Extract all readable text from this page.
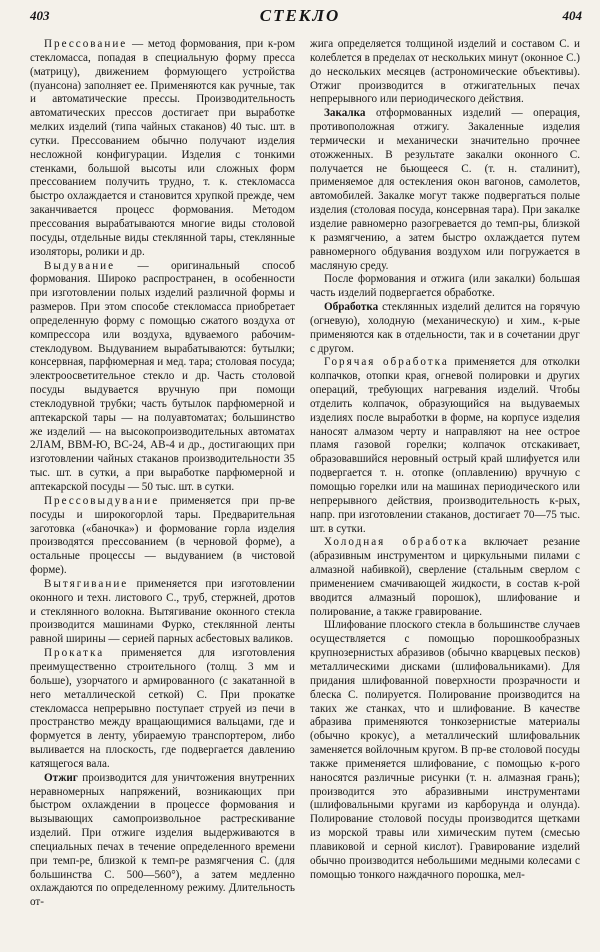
403	СТЕКЛО	404

Прессование — метод формования, при к-ром стекломасса, попадая в специальную форму пресса (матрицу), движением формующего устройства (пуансона) заполняет ее. Применяются как ручные, так и автоматические прессы. Производительность автоматических прессов достигает при выработке мелких изделий (типа чайных стаканов) 40 тыс. шт. в сутки. Прессованием обычно получают изделия несложной конфигурации. Изделия с тонкими стенками, большой высоты или сложных форм прессованием получить трудно, т. к. стекломасса быстро охлаждается и становится хрупкой прежде, чем заканчивается процесс формования. Методом прессования вырабатываются многие виды столовой посуды, отдельные виды стеклянной тары, стеклянные изоляторы, ролики и др.

Выдувание — оригинальный способ формования. Широко распространен, в особенности при изготовлении полых изделий различной формы и размеров. При этом способе стекломасса приобретает определенную форму с помощью сжатого воздуха от компрессора или воздуха, вдуваемого рабочим-стеклодувом. Выдуванием вырабатываются: бутылки; консервная, парфюмерная и мед. тара; столовая посуда; электроосветительное стекло и др. Часть столовой посуды выдувается вручную при помощи стеклодувной трубки; часть бутылок парфюмерной и аптекарской тары — на полуавтоматах; большинство же изделий — на высокопроизводительных автоматах 2ЛАМ, ВВМ-Ю, ВС-24, АВ-4 и др., достигающих при изготовлении чайных стаканов производительности 35 тыс. шт. в сутки, а при выработке парфюмерной и аптекарской посуды — 50 тыс. шт. в сутки.

Прессовыдувание применяется при пр-ве посуды и широкогорлой тары. Предварительная заготовка («баночка») и формование горла изделия производятся прессованием (в черновой форме), а остальные процессы — выдуванием (в чистовой форме).

Вытягивание применяется при изготовлении оконного и техн. листового С., труб, стержней, дротов и стеклянного волокна. Вытягивание оконного стекла производится машинами Фурко, стеклянной ленты равной ширины — серией парных асбестовых валиков.

Прокатка применяется для изготовления преимущественно строительного (толщ. 3 мм и больше), узорчатого и армированного (с закатанной в него металлической сеткой) С. При прокатке стекломасса непрерывно поступает струей из печи в пространство между вращающимися вальцами, где и формуется в ленту, убираемую транспортером, либо выливается на плоскость, где подвергается давлению катящегося вала.

Отжиг производится для уничтожения внутренних неравномерных напряжений, возникающих при быстром охлаждении в процессе формования и вызывающих самопроизвольное растрескивание изделий. При отжиге изделия выдерживаются в специальных печах в течение определенного времени при темп-ре, близкой к темп-ре размягчения С. (для большинства С. 500—560°), а затем медленно охлаждаются по определенному режиму. Длительность от-

жига определяется толщиной изделий и составом С. и колеблется в пределах от нескольких минут (оконное С.) до нескольких месяцев (астрономические объективы). Отжиг производится в отжигательных печах непрерывного или периодического действия.

Закалка отформованных изделий — операция, противоположная отжигу. Закаленные изделия термически и механически значительно прочнее отожженных. В результате закалки оконного С. получается не бьющееся С. (т. н. сталинит), применяемое для остекления окон вагонов, самолетов, автомобилей. Закалке могут также подвергаться полые изделия (столовая посуда, консервная тара). При закалке изделие равномерно разогревается до темп-ры, близкой к размягчению, а затем быстро охлаждается путем равномерного обдувания воздухом или погружается в масляную среду.

После формования и отжига (или закалки) большая часть изделий подвергается обработке.

Обработка стеклянных изделий делится на горячую (огневую), холодную (механическую) и хим., к-рые применяются как в отдельности, так и в сочетании друг с другом.

Горячая обработка применяется для отколки колпачков, отопки края, огневой полировки и других операций, требующих нагревания изделий. Чтобы отделить колпачок, образующийся на выдуваемых изделиях после выработки в форме, на корпусе изделия наносят алмазом черту и направляют на нее острое пламя газовой горелки; колпачок отскакивает, образовавшийся неровный острый край шлифуется или подвергается т. н. отопке (оплавлению) вручную с помощью горелки или на машинах периодического или непрерывного действия, производительность к-рых, напр. при изготовлении стаканов, достигает 70—75 тыс. шт. в сутки.

Холодная обработка включает резание (абразивным инструментом и циркульными пилами с алмазной набивкой), сверление (стальным сверлом с применением смачивающей жидкости, в состав к-рой вводится алмазный порошок), шлифование и полирование, а также гравирование.

Шлифование плоского стекла в большинстве случаев осуществляется с помощью порошкообразных крупнозернистых абразивов (обычно кварцевых песков) металлическими дисками (шлифовальниками). Для придания шлифованной поверхности прозрачности и блеска С. полируется. Полирование производится на таких же станках, что и шлифование. В качестве абразива применяются тонкозернистые материалы (обычно крокус), а металлический шлифовальник заменяется войлочным кругом. В пр-ве столовой посуды также применяется шлифование, с помощью к-рого наносятся различные рисунки (т. н. алмазная грань); производится это абразивными инструментами (шлифовальными кругами из карборунда и олунда). Полирование столовой посуды производится щетками из морской травы или химическим путем (смесью плавиковой и серной кислот). Гравирование изделий обычно производится небольшими медными колесами с помощью тонкого наждачного порошка, мел-
